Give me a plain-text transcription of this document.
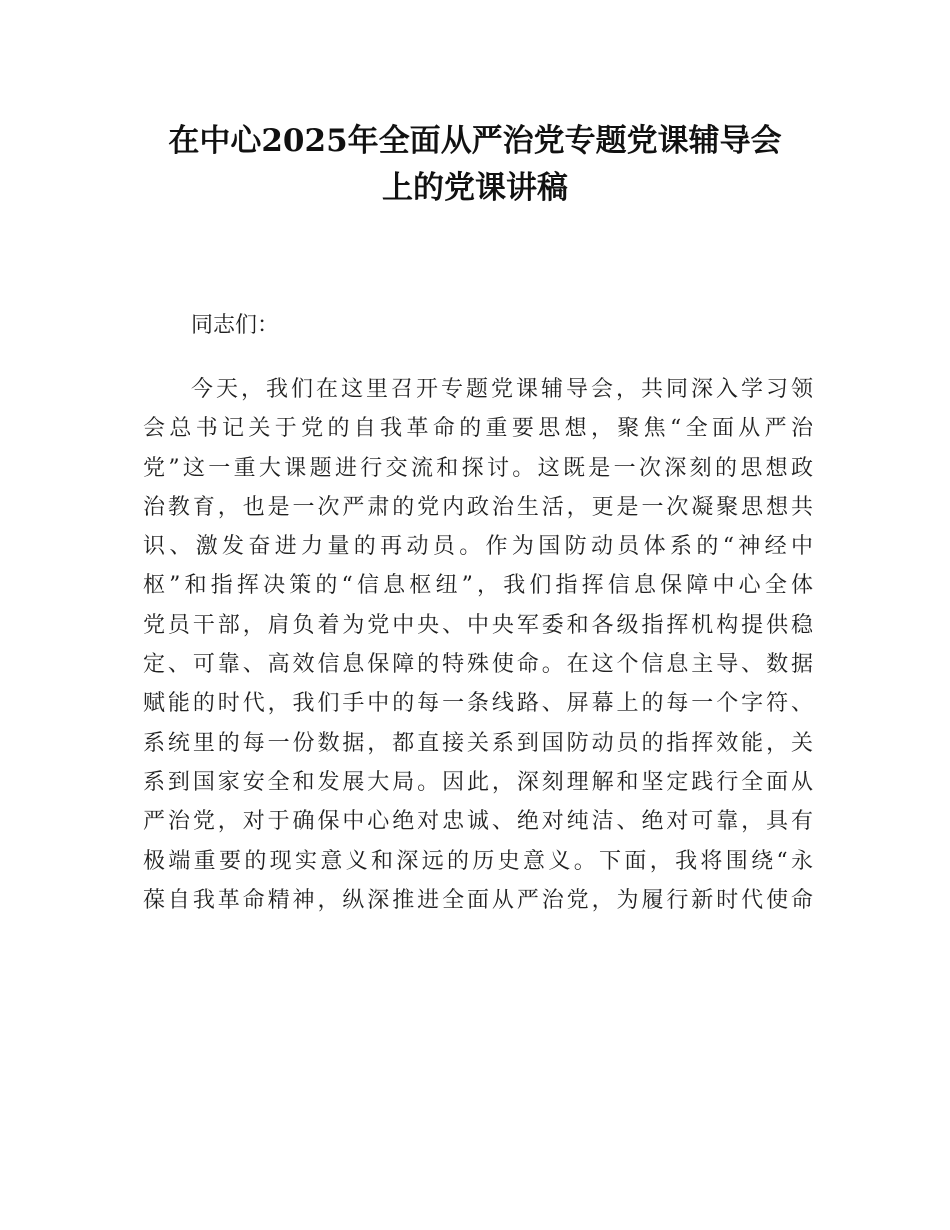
在中心2025年全面从严治党专题党课辅导会
上的党课讲稿
同志们：
今天，我们在这里召开专题党课辅导会，共同深入学习领
会总书记关于党的自我革命的重要思想，聚焦“全面从严治
党”这一重大课题进行交流和探讨。这既是一次深刻的思想政
治教育，也是一次严肃的党内政治生活，更是一次凝聚思想共
识、激发奋进力量的再动员。作为国防动员体系的“神经中
枢”和指挥决策的“信息枢纽”，我们指挥信息保障中心全体
党员干部，肩负着为党中央、中央军委和各级指挥机构提供稳
定、可靠、高效信息保障的特殊使命。在这个信息主导、数据
赋能的时代，我们手中的每一条线路、屏幕上的每一个字符、
系统里的每一份数据，都直接关系到国防动员的指挥效能，关
系到国家安全和发展大局。因此，深刻理解和坚定践行全面从
严治党，对于确保中心绝对忠诚、绝对纯洁、绝对可靠，具有
极端重要的现实意义和深远的历史意义。下面，我将围绕“永
葆自我革命精神，纵深推进全面从严治党，为履行新时代使命
